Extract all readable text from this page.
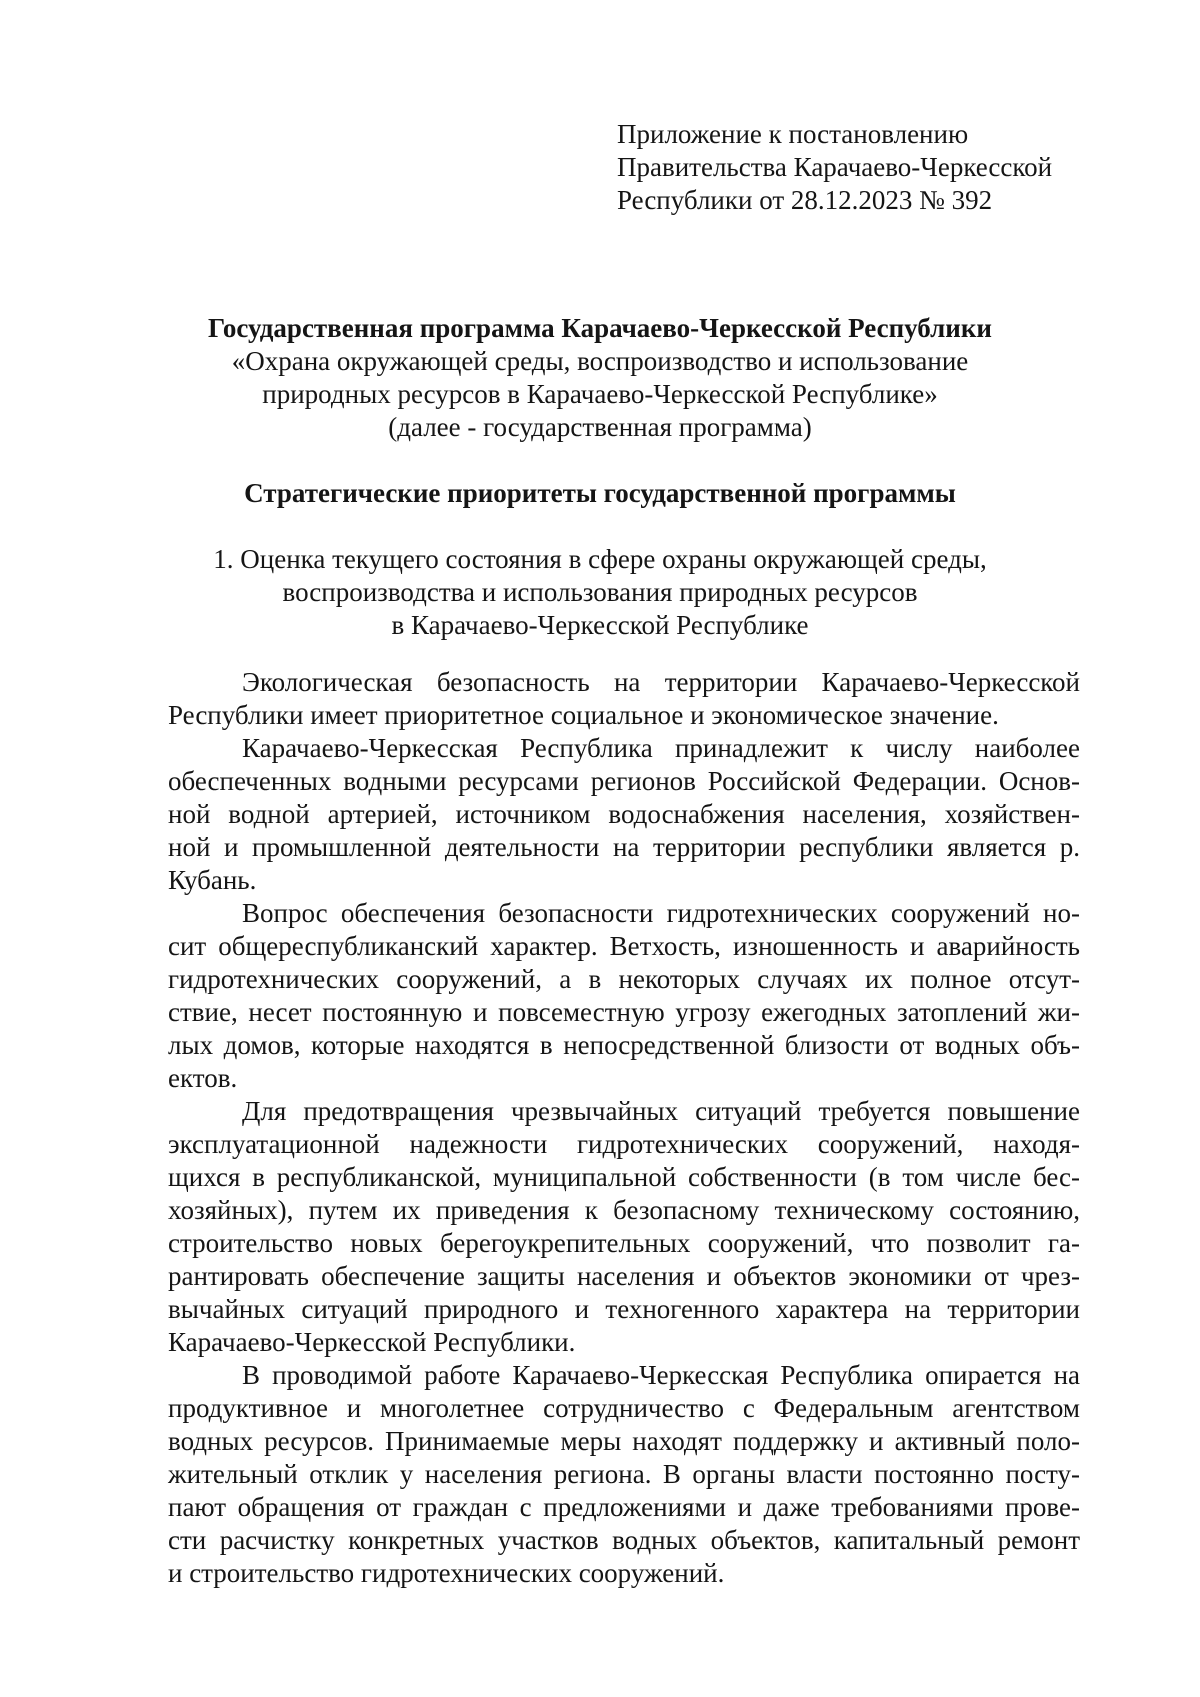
Приложение к постановлению
Правительства Карачаево-Черкесской
Республики от 28.12.2023 № 392
Государственная программа Карачаево-Черкесской Республики
«Охрана окружающей среды, воспроизводство и использование
природных ресурсов в Карачаево-Черкесской Республике»
(далее - государственная программа)
Стратегические приоритеты государственной программы
1. Оценка текущего состояния в сфере охраны окружающей среды,
воспроизводства и использования природных ресурсов
в Карачаево-Черкесской Республике
Экологическая безопасность на территории Карачаево-Черкесской
Республики имеет приоритетное социальное и экономическое значение.
Карачаево-Черкесская Республика принадлежит к числу наиболее
обеспеченных водными ресурсами регионов Российской Федерации. Основ-
ной водной артерией, источником водоснабжения населения, хозяйствен-
ной и промышленной деятельности на территории республики является р.
Кубань.
Вопрос обеспечения безопасности гидротехнических сооружений но-
сит общереспубликанский характер. Ветхость, изношенность и аварийность
гидротехнических сооружений, а в некоторых случаях их полное отсут-
ствие, несет постоянную и повсеместную угрозу ежегодных затоплений жи-
лых домов, которые находятся в непосредственной близости от водных объ-
ектов.
Для предотвращения чрезвычайных ситуаций требуется повышение
эксплуатационной надежности гидротехнических сооружений, находя-
щихся в республиканской, муниципальной собственности (в том числе бес-
хозяйных), путем их приведения к безопасному техническому состоянию,
строительство новых берегоукрепительных сооружений, что позволит га-
рантировать обеспечение защиты населения и объектов экономики от чрез-
вычайных ситуаций природного и техногенного характера на территории
Карачаево-Черкесской Республики.
В проводимой работе Карачаево-Черкесская Республика опирается на
продуктивное и многолетнее сотрудничество с Федеральным агентством
водных ресурсов. Принимаемые меры находят поддержку и активный поло-
жительный отклик у населения региона. В органы власти постоянно посту-
пают обращения от граждан с предложениями и даже требованиями прове-
сти расчистку конкретных участков водных объектов, капитальный ремонт
и строительство гидротехнических сооружений.
